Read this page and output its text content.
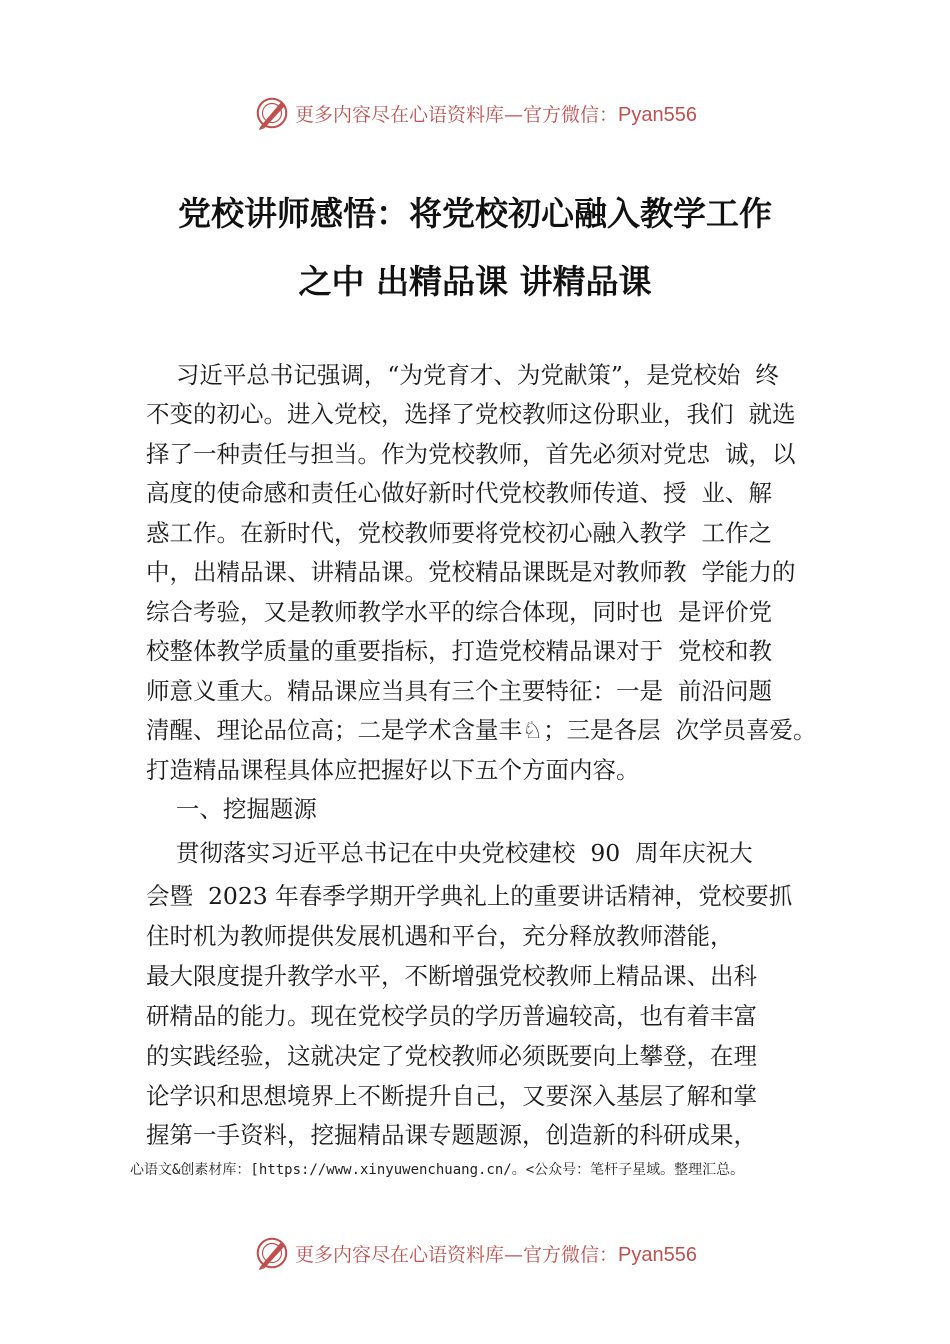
更多内容尽在心语资料库—官方微信：Pyan556
党校讲师感悟：将党校初心融入教学工作
之中 出精品课 讲精品课
习近平总书记强调，“为党育才、为党献策”，是党校始  终
不变的初心。进入党校，选择了党校教师这份职业，我们  就选
择了一种责任与担当。作为党校教师，首先必须对党忠  诚，以
高度的使命感和责任心做好新时代党校教师传道、授  业、解
惑工作。在新时代，党校教师要将党校初心融入教学  工作之
中，出精品课、讲精品课。党校精品课既是对教师教  学能力的
综合考验，又是教师教学水平的综合体现，同时也  是评价党
校整体教学质量的重要指标，打造党校精品课对于  党校和教
师意义重大。精品课应当具有三个主要特征：一是  前沿问题
清醒、理论品位高；二是学术含量丰♘；三是各层  次学员喜爱。
打造精品课程具体应把握好以下五个方面内容。
一、挖掘题源
贯彻落实习近平总书记在中央党校建校  90  周年庆祝大
会暨  2023 年春季学期开学典礼上的重要讲话精神，党校要抓
住时机为教师提供发展机遇和平台，充分释放教师潜能，
最大限度提升教学水平，不断增强党校教师上精品课、出科
研精品的能力。现在党校学员的学历普遍较高，也有着丰富
的实践经验，这就决定了党校教师必须既要向上攀登，在理
论学识和思想境界上不断提升自己，又要深入基层了解和掌
握第一手资料，挖掘精品课专题题源，创造新的科研成果，
心语文&创素材库：[https://www.xinyuwenchuang.cn/。<公众号：笔杆子星域。整理汇总。
更多内容尽在心语资料库—官方微信：Pyan556
